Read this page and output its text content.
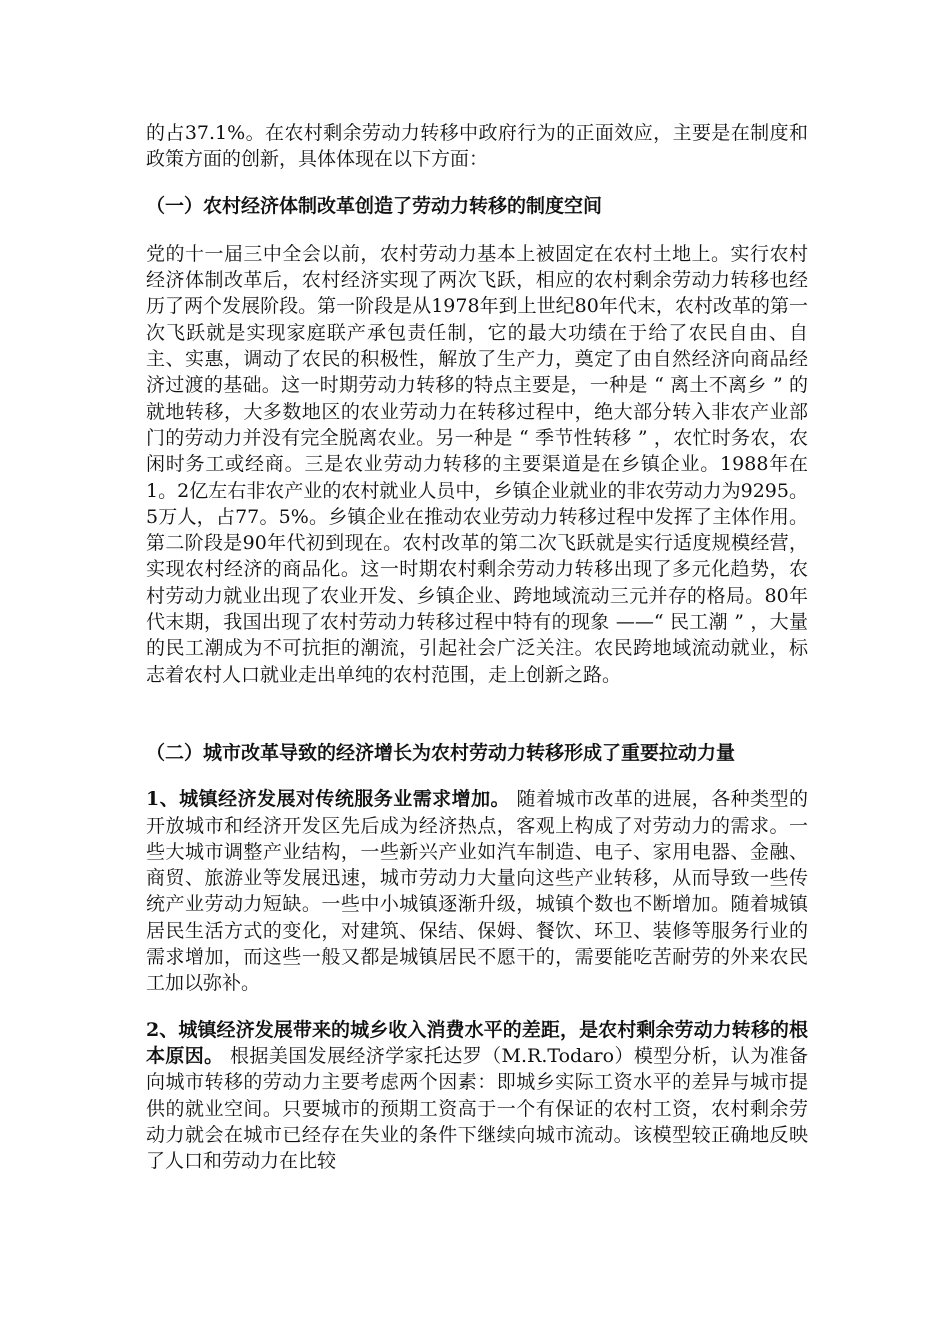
的占37.1%。在农村剩余劳动力转移中政府行为的正面效应，主要是在制度和政策方面的创新，具体体现在以下方面：

（一）农村经济体制改革创造了劳动力转移的制度空间

党的十一届三中全会以前，农村劳动力基本上被固定在农村土地上。实行农村经济体制改革后，农村经济实现了两次飞跃，相应的农村剩余劳动力转移也经历了两个发展阶段。第一阶段是从1978年到上世纪80年代末，农村改革的第一次飞跃就是实现家庭联产承包责任制，它的最大功绩在于给了农民自由、自主、实惠，调动了农民的积极性，解放了生产力，奠定了由自然经济向商品经济过渡的基础。这一时期劳动力转移的特点主要是，一种是 “ 离土不离乡 ” 的就地转移，大多数地区的农业劳动力在转移过程中，绝大部分转入非农产业部门的劳动力并没有完全脱离农业。另一种是 “ 季节性转移 ” ，农忙时务农，农闲时务工或经商。三是农业劳动力转移的主要渠道是在乡镇企业。1988年在1。2亿左右非农产业的农村就业人员中，乡镇企业就业的非农劳动力为9295。5万人，占77。5%。乡镇企业在推动农业劳动力转移过程中发挥了主体作用。第二阶段是90年代初到现在。农村改革的第二次飞跃就是实行适度规模经营，实现农村经济的商品化。这一时期农村剩余劳动力转移出现了多元化趋势，农村劳动力就业出现了农业开发、乡镇企业、跨地域流动三元并存的格局。80年代末期，我国出现了农村劳动力转移过程中特有的现象 ——“ 民工潮 ” ，大量的民工潮成为不可抗拒的潮流，引起社会广泛关注。农民跨地域流动就业，标志着农村人口就业走出单纯的农村范围，走上创新之路。

（二）城市改革导致的经济增长为农村劳动力转移形成了重要拉动力量

1、城镇经济发展对传统服务业需求增加。 随着城市改革的进展，各种类型的开放城市和经济开发区先后成为经济热点，客观上构成了对劳动力的需求。一些大城市调整产业结构，一些新兴产业如汽车制造、电子、家用电器、金融、商贸、旅游业等发展迅速，城市劳动力大量向这些产业转移，从而导致一些传统产业劳动力短缺。一些中小城镇逐渐升级，城镇个数也不断增加。随着城镇居民生活方式的变化，对建筑、保结、保姆、餐饮、环卫、装修等服务行业的需求增加，而这些一般又都是城镇居民不愿干的，需要能吃苦耐劳的外来农民工加以弥补。

2、城镇经济发展带来的城乡收入消费水平的差距，是农村剩余劳动力转移的根本原因。 根据美国发展经济学家托达罗（M.R.Todaro）模型分析，认为准备向城市转移的劳动力主要考虑两个因素：即城乡实际工资水平的差异与城市提供的就业空间。只要城市的预期工资高于一个有保证的农村工资，农村剩余劳动力就会在城市已经存在失业的条件下继续向城市流动。该模型较正确地反映了人口和劳动力在比较
